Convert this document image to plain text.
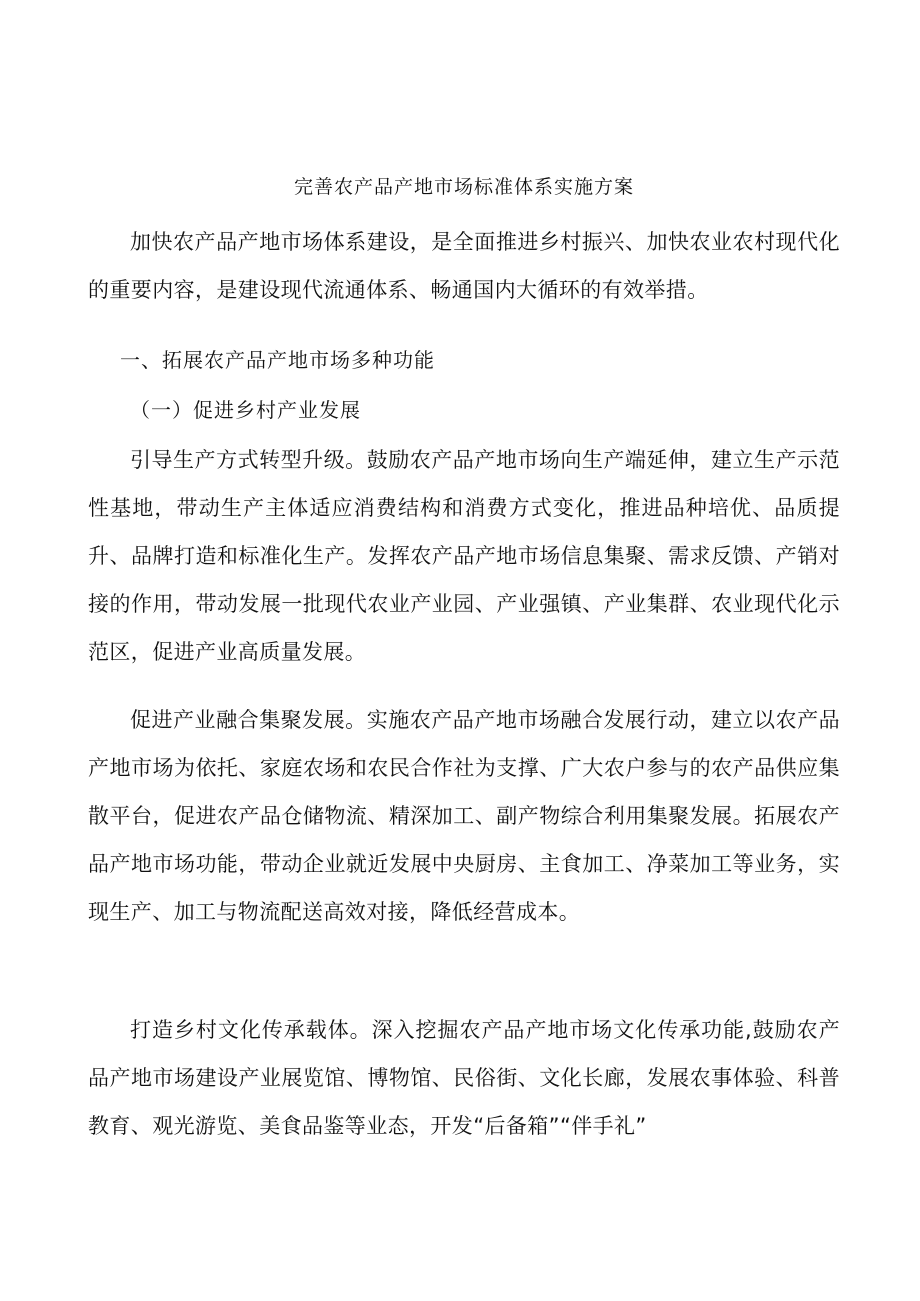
完善农产品产地市场标准体系实施方案

加快农产品产地市场体系建设，是全面推进乡村振兴、加快农业农村现代化的重要内容，是建设现代流通体系、畅通国内大循环的有效举措。

一、拓展农产品产地市场多种功能
（一）促进乡村产业发展

引导生产方式转型升级。鼓励农产品产地市场向生产端延伸，建立生产示范性基地，带动生产主体适应消费结构和消费方式变化，推进品种培优、品质提升、品牌打造和标准化生产。发挥农产品产地市场信息集聚、需求反馈、产销对接的作用，带动发展一批现代农业产业园、产业强镇、产业集群、农业现代化示范区，促进产业高质量发展。

促进产业融合集聚发展。实施农产品产地市场融合发展行动，建立以农产品产地市场为依托、家庭农场和农民合作社为支撑、广大农户参与的农产品供应集散平台，促进农产品仓储物流、精深加工、副产物综合利用集聚发展。拓展农产品产地市场功能，带动企业就近发展中央厨房、主食加工、净菜加工等业务，实现生产、加工与物流配送高效对接，降低经营成本。

打造乡村文化传承载体。深入挖掘农产品产地市场文化传承功能,鼓励农产品产地市场建设产业展览馆、博物馆、民俗街、文化长廊，发展农事体验、科普教育、观光游览、美食品鉴等业态，开发“后备箱”“伴手礼”
